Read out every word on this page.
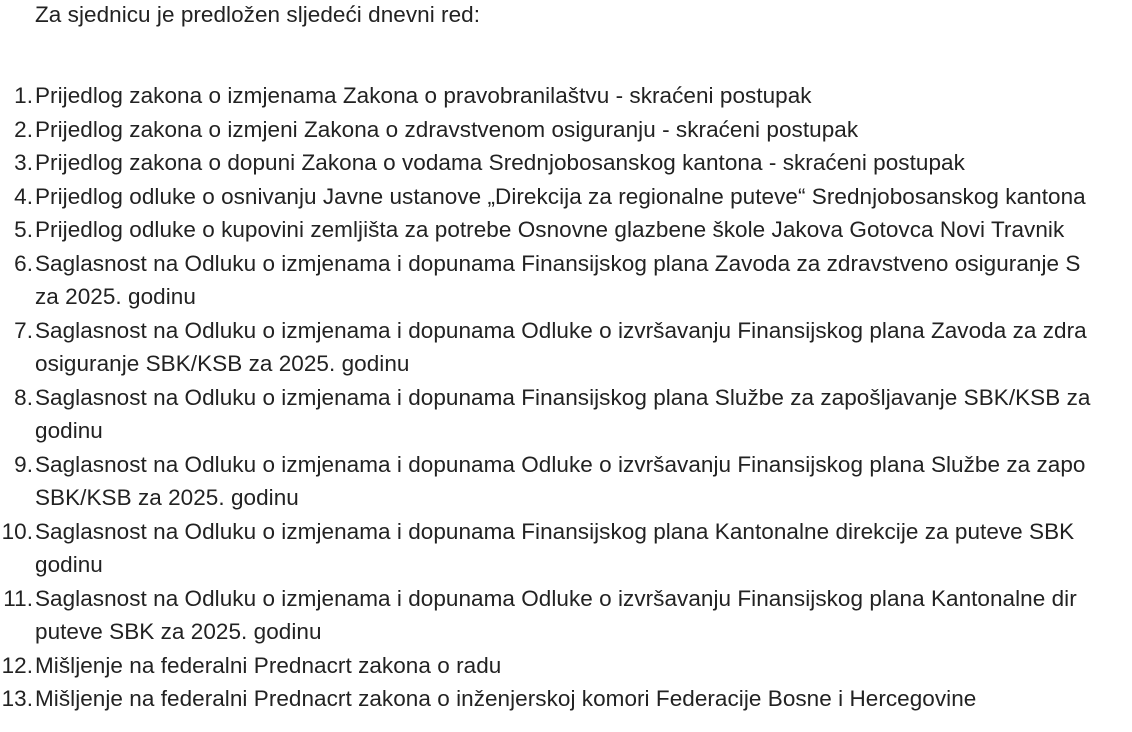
Za sjednicu je predložen sljedeći dnevni red:
1. Prijedlog zakona o izmjenama Zakona o pravobranilaštvu - skraćeni postupak
2. Prijedlog zakona o izmjeni Zakona o zdravstvenom osiguranju - skraćeni postupak
3. Prijedlog zakona o dopuni Zakona o vodama Srednjobosanskog kantona - skraćeni postupak
4. Prijedlog odluke o osnivanju Javne ustanove „Direkcija za regionalne puteve“ Srednjobosanskog kantona
5. Prijedlog odluke o kupovini zemljišta za potrebe Osnovne glazbene škole Jakova Gotovca Novi Travnik
6. Saglasnost na Odluku o izmjenama i dopunama Finansijskog plana Zavoda za zdravstveno osiguranje S
za 2025. godinu
7. Saglasnost na Odluku o izmjenama i dopunama Odluke o izvršavanju Finansijskog plana Zavoda za zdra
osiguranje SBK/KSB za 2025. godinu
8. Saglasnost na Odluku o izmjenama i dopunama Finansijskog plana Službe za zapošljavanje SBK/KSB za
godinu
9. Saglasnost na Odluku o izmjenama i dopunama Odluke o izvršavanju Finansijskog plana Službe za zapo
SBK/KSB za 2025. godinu
10. Saglasnost na Odluku o izmjenama i dopunama Finansijskog plana Kantonalne direkcije za puteve SBK
godinu
11. Saglasnost na Odluku o izmjenama i dopunama Odluke o izvršavanju Finansijskog plana Kantonalne dir
puteve SBK za 2025. godinu
12. Mišljenje na federalni Prednacrt zakona o radu
13. Mišljenje na federalni Prednacrt zakona o inženjerskoj komori Federacije Bosne i Hercegovine
